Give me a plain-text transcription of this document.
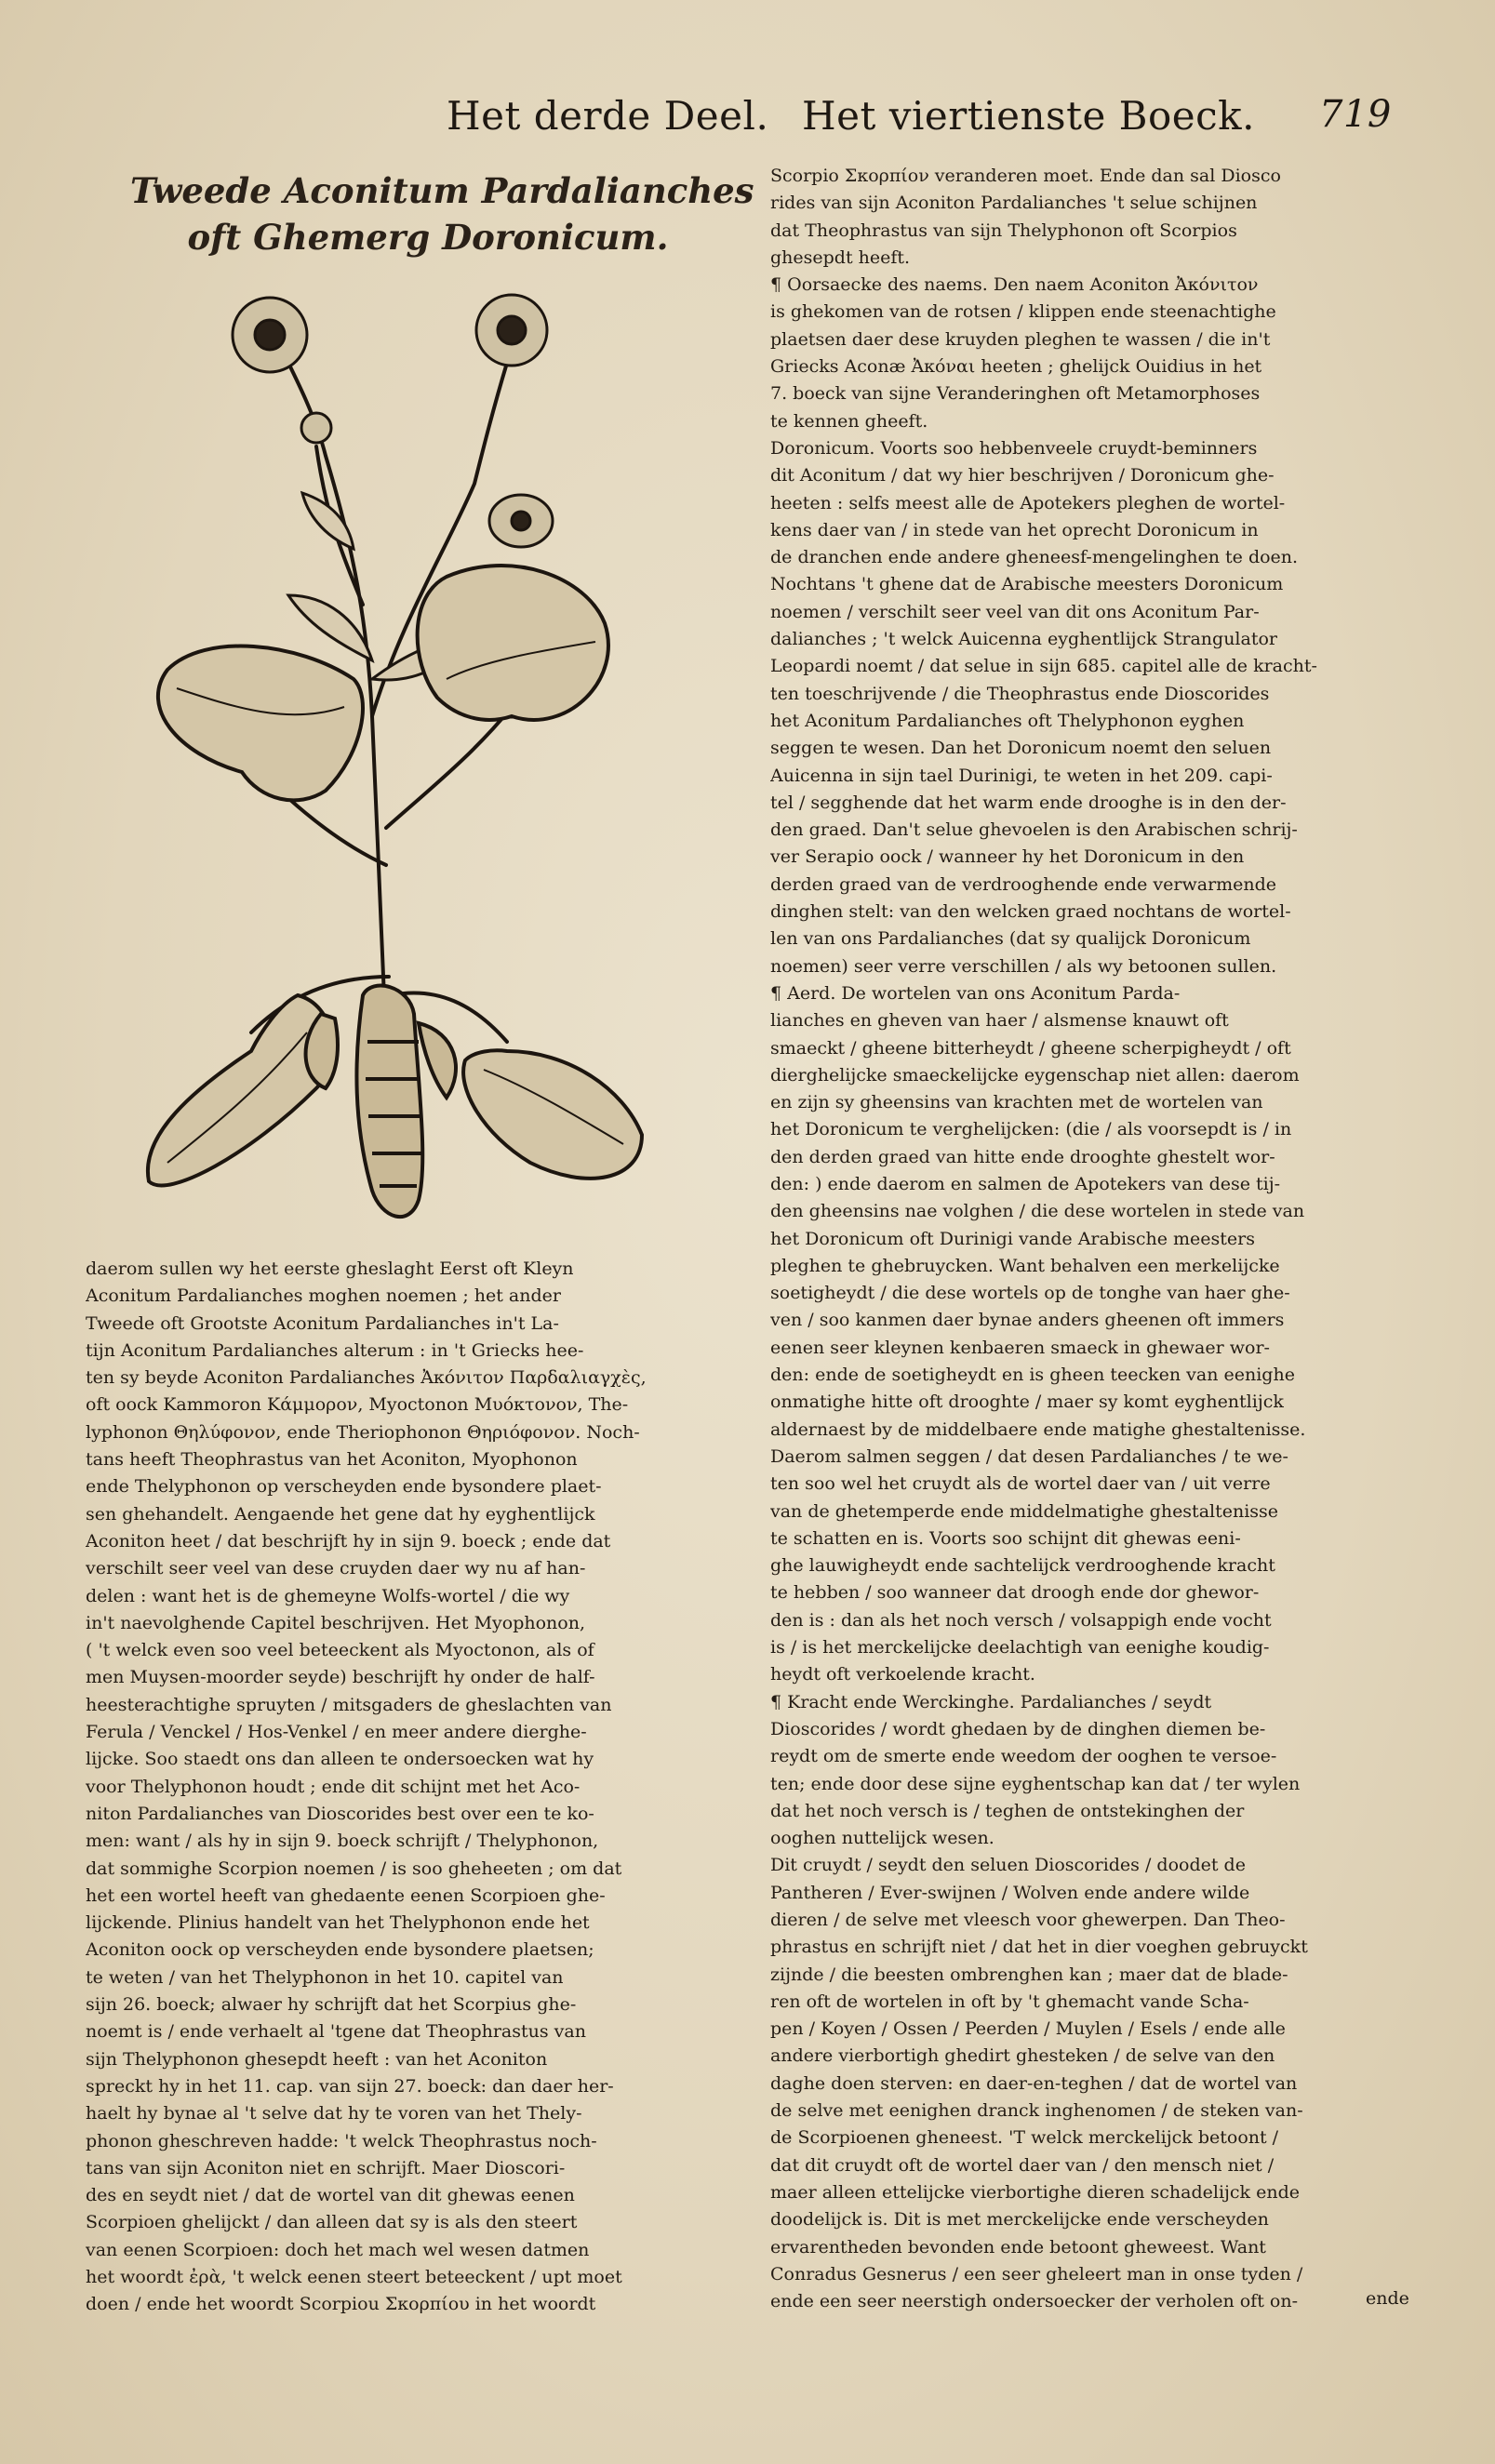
Het derde Deel. Het viertienste Boeck. 719
Tweede Aconitum Pardalianches
oft Ghemerg Doronicum.
Scorpio Σκορπίον veranderen moet. Ende dan sal Diosco
rides van sijn Aconiton Pardalianches 't selue schijnen
dat Theophrastus van sijn Thelyphonon oft Scorpios
ghesepdt heeft.
¶ Oorsaecke des naems. Den naem Aconiton Ἀκόνιτον
is ghekomen van de rotsen / klippen ende steenachtighe
plaetsen daer dese kruyden pleghen te wassen / die in't
Griecks Aconæ Ἀκόναι heeten ; ghelijck Ouidius in het
7. boeck van sijne Veranderinghen oft Metamorphoses
te kennen gheeft.
Doronicum. Voorts soo hebbenveele cruydt-beminners
dit Aconitum / dat wy hier beschrijven / Doronicum ghe-
heeten : selfs meest alle de Apotekers pleghen de wortel-
kens daer van / in stede van het oprecht Doronicum in
de dranchen ende andere gheneesf-mengelinghen te doen.
Nochtans 't ghene dat de Arabische meesters Doronicum
noemen / verschilt seer veel van dit ons Aconitum Par-
dalianches ; 't welck Auicenna eyghentlijck Strangulator
Leopardi noemt / dat selue in sijn 685. capitel alle de kracht-
ten toeschrijvende / die Theophrastus ende Dioscorides
het Aconitum Pardalianches oft Thelyphonon eyghen
seggen te wesen. Dan het Doronicum noemt den seluen
Auicenna in sijn tael Durinigi, te weten in het 209. capi-
tel / segghende dat het warm ende drooghe is in den der-
den graed. Dan't selue ghevoelen is den Arabischen schrij-
ver Serapio oock / wanneer hy het Doronicum in den
derden graed van de verdrooghende ende verwarmende
dinghen stelt: van den welcken graed nochtans de wortel-
len van ons Pardalianches (dat sy qualijck Doronicum
noemen) seer verre verschillen / als wy betoonen sullen.
¶ Aerd. De wortelen van ons Aconitum Parda-
lianches en gheven van haer / alsmense knauwt oft
smaeckt / gheene bitterheydt / gheene scherpigheydt / oft
dierghelijcke smaeckelijcke eygenschap niet allen: daerom
en zijn sy gheensins van krachten met de wortelen van
het Doronicum te verghelijcken: (die / als voorsepdt is / in
den derden graed van hitte ende drooghte ghestelt wor-
den: ) ende daerom en salmen de Apotekers van dese tij-
den gheensins nae volghen / die dese wortelen in stede van
het Doronicum oft Durinigi vande Arabische meesters
pleghen te ghebruycken. Want behalven een merkelijcke
soetigheydt / die dese wortels op de tonghe van haer ghe-
ven / soo kanmen daer bynae anders gheenen oft immers
eenen seer kleynen kenbaeren smaeck in ghewaer wor-
den: ende de soetigheydt en is gheen teecken van eenighe
onmatighe hitte oft drooghte / maer sy komt eyghentlijck
aldernaest by de middelbaere ende matighe ghestaltenisse.
Daerom salmen seggen / dat desen Pardalianches / te we-
ten soo wel het cruydt als de wortel daer van / uit verre
van de ghetemperde ende middelmatighe ghestaltenisse
te schatten en is. Voorts soo schijnt dit ghewas eeni-
ghe lauwigheydt ende sachtelijck verdrooghende kracht
te hebben / soo wanneer dat droogh ende dor ghewor-
den is : dan als het noch versch / volsappigh ende vocht
is / is het merckelijcke deelachtigh van eenighe koudig-
heydt oft verkoelende kracht.
¶ Kracht ende Werckinghe. Pardalianches / seydt
Dioscorides / wordt ghedaen by de dinghen diemen be-
reydt om de smerte ende weedom der ooghen te versoe-
ten; ende door dese sijne eyghentschap kan dat / ter wylen
dat het noch versch is / teghen de ontstekinghen der
ooghen nuttelijck wesen.
Dit cruydt / seydt den seluen Dioscorides / doodet de
Pantheren / Ever-swijnen / Wolven ende andere wilde
dieren / de selve met vleesch voor ghewerpen. Dan Theo-
phrastus en schrijft niet / dat het in dier voeghen gebruyckt
zijnde / die beesten ombrenghen kan ; maer dat de blade-
ren oft de wortelen in oft by 't ghemacht vande Scha-
pen / Koyen / Ossen / Peerden / Muylen / Esels / ende alle
andere vierbortigh ghedirt ghesteken / de selve van den
daghe doen sterven: en daer-en-teghen / dat de wortel van
de selve met eenighen dranck inghenomen / de steken van-
de Scorpioenen gheneest. 'T welck merckelijck betoont /
dat dit cruydt oft de wortel daer van / den mensch niet /
maer alleen ettelijcke vierbortighe dieren schadelijck ende
doodelijck is. Dit is met merckelijcke ende verscheyden
ervarentheden bevonden ende betoont gheweest. Want
Conradus Gesnerus / een seer gheleert man in onse tyden /
ende een seer neerstigh ondersoecker der verholen oft on-
daerom sullen wy het eerste gheslaght Eerst oft Kleyn
Aconitum Pardalianches moghen noemen ; het ander
Tweede oft Grootste Aconitum Pardalianches in't La-
tijn Aconitum Pardalianches alterum : in 't Griecks hee-
ten sy beyde Aconiton Pardalianches Ἀκόνιτον Παρδαλιαγχὲς,
oft oock Kammoron Κάμμορον, Myoctonon Μυόκτονον, The-
lyphonon Θηλύφονον, ende Theriophonon Θηριόφονον. Noch-
tans heeft Theophrastus van het Aconiton, Myophonon
ende Thelyphonon op verscheyden ende bysondere plaet-
sen ghehandelt. Aengaende het gene dat hy eyghentlijck
Aconiton heet / dat beschrijft hy in sijn 9. boeck ; ende dat
verschilt seer veel van dese cruyden daer wy nu af han-
delen : want het is de ghemeyne Wolfs-wortel / die wy
in't naevolghende Capitel beschrijven. Het Myophonon,
( 't welck even soo veel beteeckent als Myoctonon, als of
men Muysen-moorder seyde) beschrijft hy onder de half-
heesterachtighe spruyten / mitsgaders de gheslachten van
Ferula / Venckel / Hos-Venkel / en meer andere dierghe-
lijcke. Soo staedt ons dan alleen te ondersoecken wat hy
voor Thelyphonon houdt ; ende dit schijnt met het Aco-
niton Pardalianches van Dioscorides best over een te ko-
men: want / als hy in sijn 9. boeck schrijft / Thelyphonon,
dat sommighe Scorpion noemen / is soo gheheeten ; om dat
het een wortel heeft van ghedaente eenen Scorpioen ghe-
lijckende. Plinius handelt van het Thelyphonon ende het
Aconiton oock op verscheyden ende bysondere plaetsen;
te weten / van het Thelyphonon in het 10. capitel van
sijn 26. boeck; alwaer hy schrijft dat het Scorpius ghe-
noemt is / ende verhaelt al 'tgene dat Theophrastus van
sijn Thelyphonon ghesepdt heeft : van het Aconiton
spreckt hy in het 11. cap. van sijn 27. boeck: dan daer her-
haelt hy bynae al 't selve dat hy te voren van het Thely-
phonon gheschreven hadde: 't welck Theophrastus noch-
tans van sijn Aconiton niet en schrijft. Maer Dioscori-
des en seydt niet / dat de wortel van dit ghewas eenen
Scorpioen ghelijckt / dan alleen dat sy is als den steert
van eenen Scorpioen: doch het mach wel wesen datmen
het woordt ἐρὰ, 't welck eenen steert beteeckent / upt moet
doen / ende het woordt Scorpiou Σκορπίου in het woordt	ende
